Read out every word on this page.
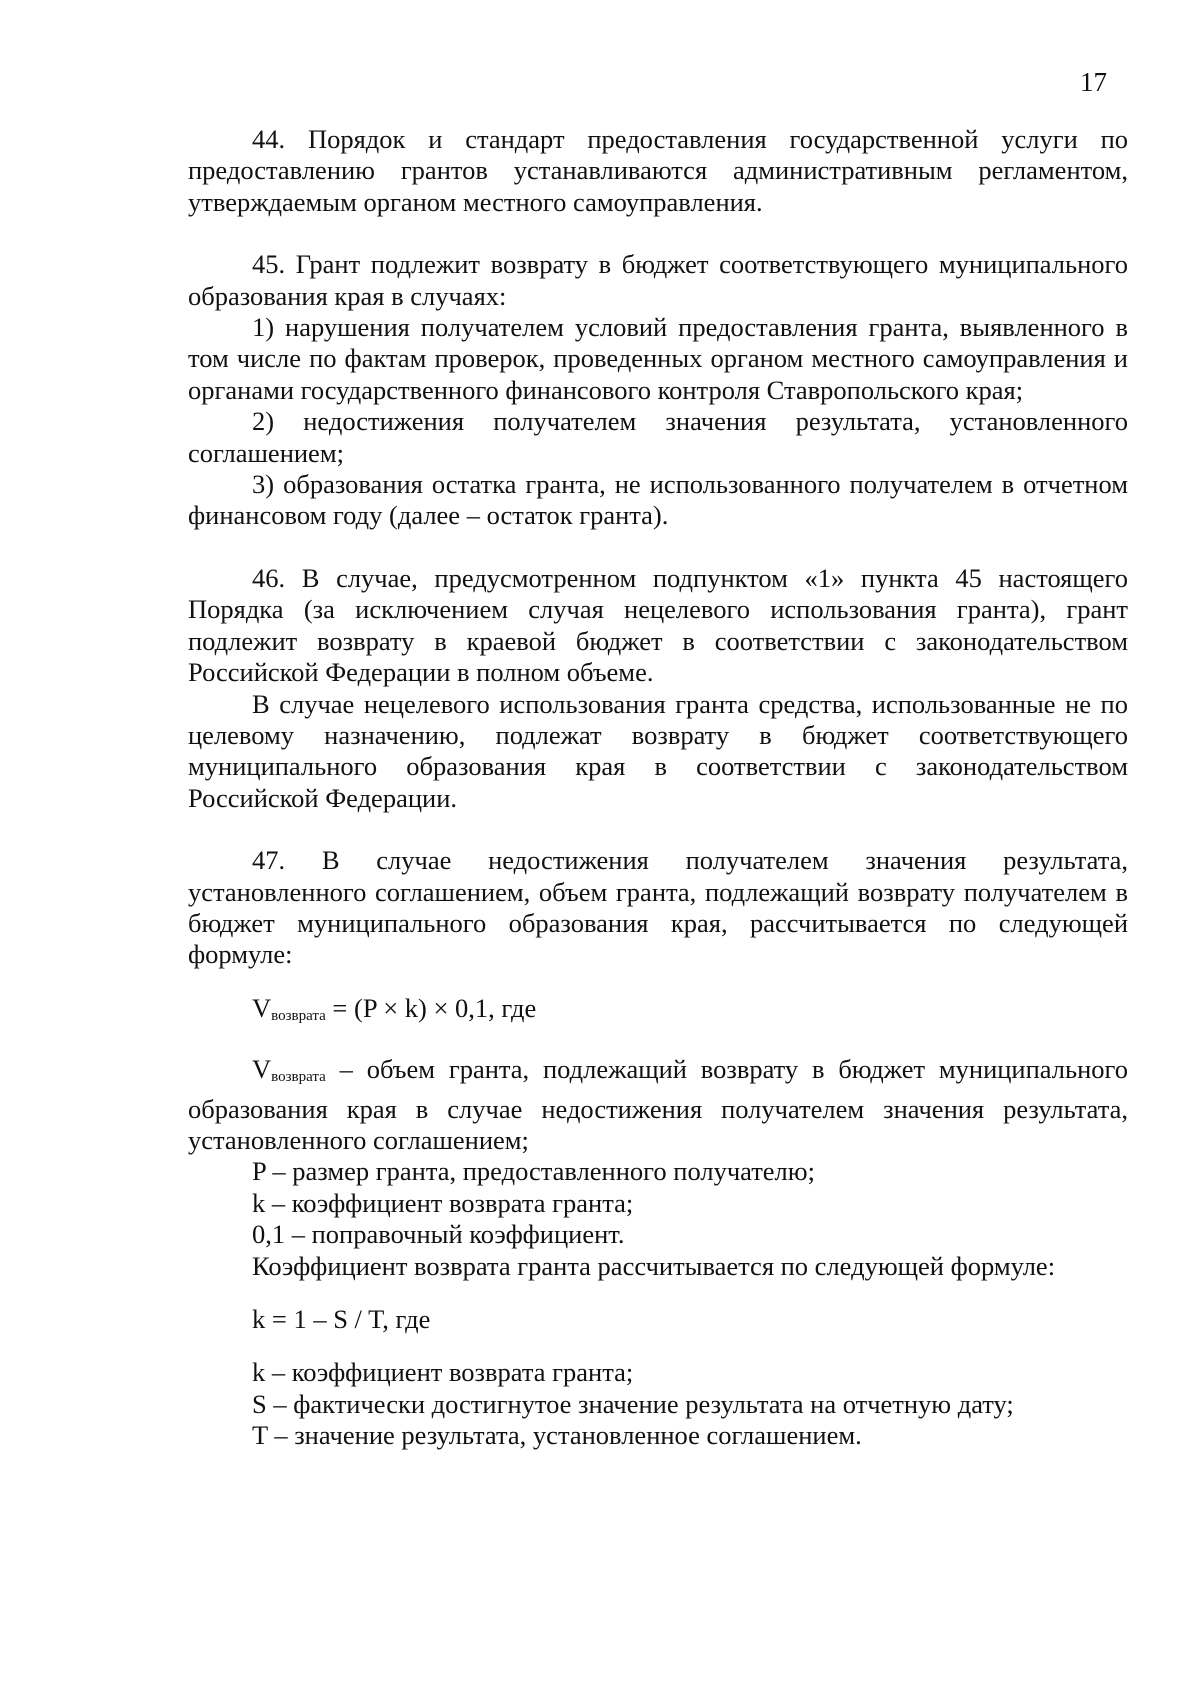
17

44. Порядок и стандарт предоставления государственной услуги по предоставлению грантов устанавливаются административным регламентом, утверждаемым органом местного самоуправления.

45. Грант подлежит возврату в бюджет соответствующего муниципального образования края в случаях:

1) нарушения получателем условий предоставления гранта, выявленного в том числе по фактам проверок, проведенных органом местного самоуправления и органами государственного финансового контроля Ставропольского края;

2) недостижения получателем значения результата, установленного соглашением;

3) образования остатка гранта, не использованного получателем в отчетном финансовом году (далее – остаток гранта).

46. В случае, предусмотренном подпунктом «1» пункта 45 настоящего Порядка (за исключением случая нецелевого использования гранта), грант подлежит возврату в краевой бюджет в соответствии с законодательством Российской Федерации в полном объеме.

В случае нецелевого использования гранта средства, использованные не по целевому назначению, подлежат возврату в бюджет соответствующего муниципального образования края в соответствии с законодательством Российской Федерации.

47. В случае недостижения получателем значения результата, установленного соглашением, объем гранта, подлежащий возврату получателем в бюджет муниципального образования края, рассчитывается по следующей формуле:

$V_{возврата} = (P \times k) \times 0,1$, где

$V_{возврата}$ – объем гранта, подлежащий возврату в бюджет муниципального образования края в случае недостижения получателем значения результата, установленного соглашением;

P – размер гранта, предоставленного получателю;

k – коэффициент возврата гранта;

0,1 – поправочный коэффициент.

Коэффициент возврата гранта рассчитывается по следующей формуле:

k = 1 – S / T, где

k – коэффициент возврата гранта;

S – фактически достигнутое значение результата на отчетную дату;

T – значение результата, установленное соглашением.
